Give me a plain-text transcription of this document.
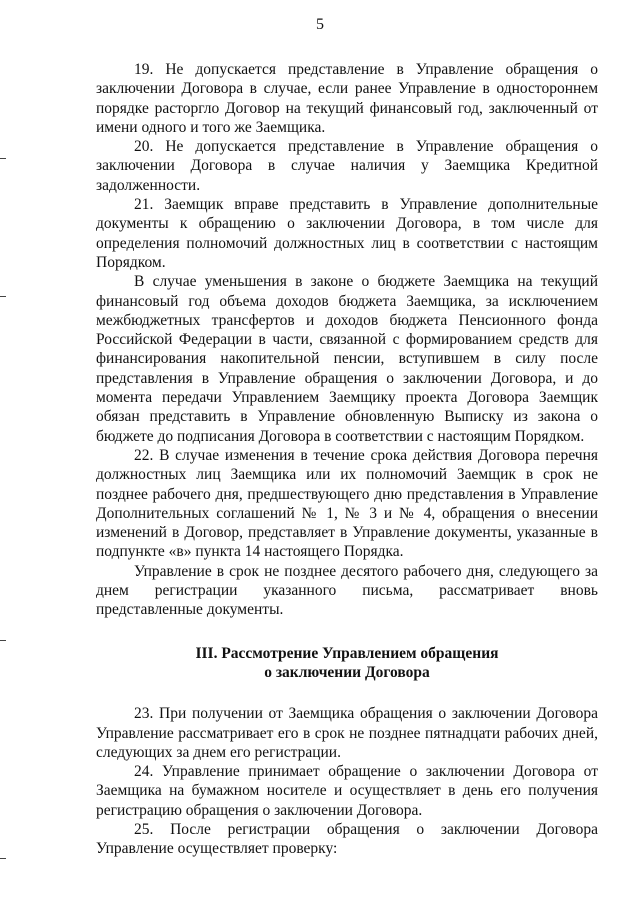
5

19. Не допускается представление в Управление обращения о заключении Договора в случае, если ранее Управление в одностороннем порядке расторгло Договор на текущий финансовый год, заключенный от имени одного и того же Заемщика.

20. Не допускается представление в Управление обращения о заключении Договора в случае наличия у Заемщика Кредитной задолженности.

21. Заемщик вправе представить в Управление дополнительные документы к обращению о заключении Договора, в том числе для определения полномочий должностных лиц в соответствии с настоящим Порядком.

В случае уменьшения в законе о бюджете Заемщика на текущий финансовый год объема доходов бюджета Заемщика, за исключением межбюджетных трансфертов и доходов бюджета Пенсионного фонда Российской Федерации в части, связанной с формированием средств для финансирования накопительной пенсии, вступившем в силу после представления в Управление обращения о заключении Договора, и до момента передачи Управлением Заемщику проекта Договора Заемщик обязан представить в Управление обновленную Выписку из закона о бюджете до подписания Договора в соответствии с настоящим Порядком.

22. В случае изменения в течение срока действия Договора перечня должностных лиц Заемщика или их полномочий Заемщик в срок не позднее рабочего дня, предшествующего дню представления в Управление Дополнительных соглашений № 1, № 3 и № 4, обращения о внесении изменений в Договор, представляет в Управление документы, указанные в подпункте «в» пункта 14 настоящего Порядка.

Управление в срок не позднее десятого рабочего дня, следующего за днем регистрации указанного письма, рассматривает вновь представленные документы.

III. Рассмотрение Управлением обращения
о заключении Договора

23. При получении от Заемщика обращения о заключении Договора Управление рассматривает его в срок не позднее пятнадцати рабочих дней, следующих за днем его регистрации.

24. Управление принимает обращение о заключении Договора от Заемщика на бумажном носителе и осуществляет в день его получения регистрацию обращения о заключении Договора.

25. После регистрации обращения о заключении Договора Управление осуществляет проверку:
